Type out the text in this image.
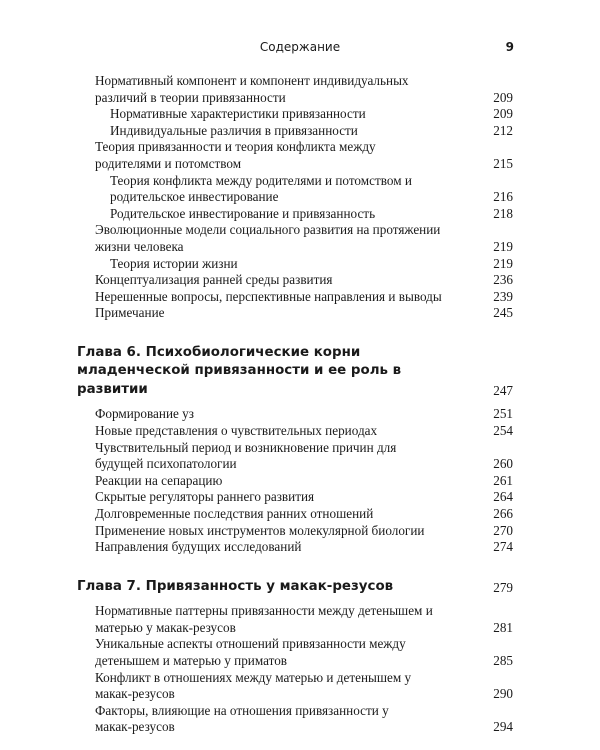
Содержание	9
Нормативный компонент и компонент индивидуальных различий в теории привязанности	209
Нормативные характеристики привязанности	209
Индивидуальные различия в привязанности	212
Теория привязанности и теория конфликта между родителями и потомством	215
Теория конфликта между родителями и потомством и родительское инвестирование	216
Родительское инвестирование и привязанность	218
Эволюционные модели социального развития на протяжении жизни человека	219
Теория истории жизни	219
Концептуализация ранней среды развития	236
Нерешенные вопросы, перспективные направления и выводы	239
Примечание	245
Глава 6. Психобиологические корни младенческой привязанности и ее роль в развитии	247
Формирование уз	251
Новые представления о чувствительных периодах	254
Чувствительный период и возникновение причин для будущей психопатологии	260
Реакции на сепарацию	261
Скрытые регуляторы раннего развития	264
Долговременные последствия ранних отношений	266
Применение новых инструментов молекулярной биологии	270
Направления будущих исследований	274
Глава 7. Привязанность у макак-резусов	279
Нормативные паттерны привязанности между детенышем и матерью у макак-резусов	281
Уникальные аспекты отношений привязанности между детенышем и матерью у приматов	285
Конфликт в отношениях между матерью и детенышем у макак-резусов	290
Факторы, влияющие на отношения привязанности у макак-резусов	294
